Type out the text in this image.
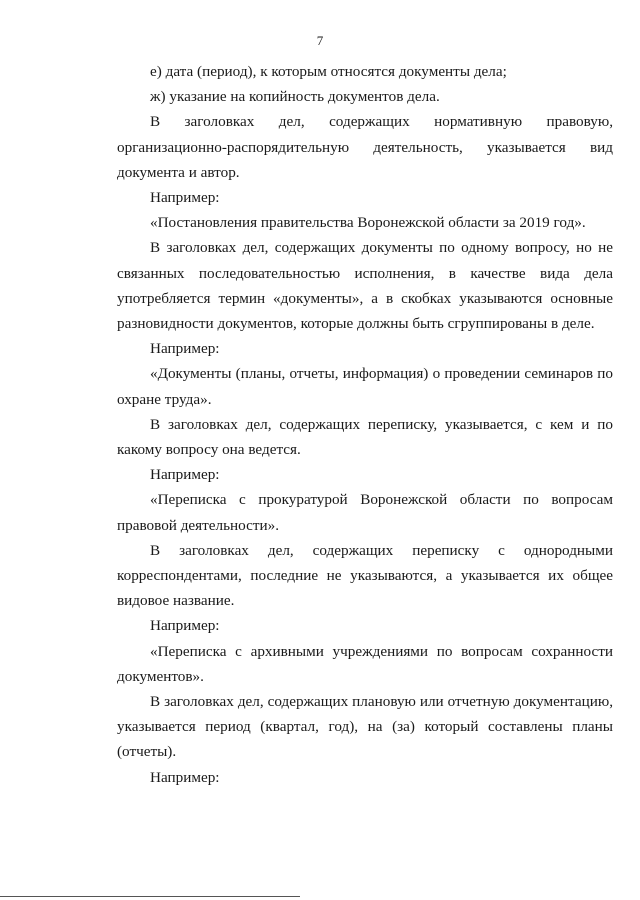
7

е) дата (период), к которым относятся документы дела;

ж) указание на копийность документов дела.

В заголовках дел, содержащих нормативную правовую, организационно-распорядительную деятельность, указывается вид документа и автор.

Например:

«Постановления правительства Воронежской области за 2019 год».

В заголовках дел, содержащих документы по одному вопросу, но не связанных последовательностью исполнения, в качестве вида дела употребляется термин «документы», а в скобках указываются основные разновидности документов, которые должны быть сгруппированы в деле.

Например:

«Документы (планы, отчеты, информация) о проведении семинаров по охране труда».

В заголовках дел, содержащих переписку, указывается, с кем и по какому вопросу она ведется.

Например:

«Переписка с прокуратурой Воронежской области по вопросам правовой деятельности».

В заголовках дел, содержащих переписку с однородными корреспондентами, последние не указываются, а указывается их общее видовое название.

Например:

«Переписка с архивными учреждениями по вопросам сохранности документов».

В заголовках дел, содержащих плановую или отчетную документацию, указывается период (квартал, год), на (за) который составлены планы (отчеты).

Например:
